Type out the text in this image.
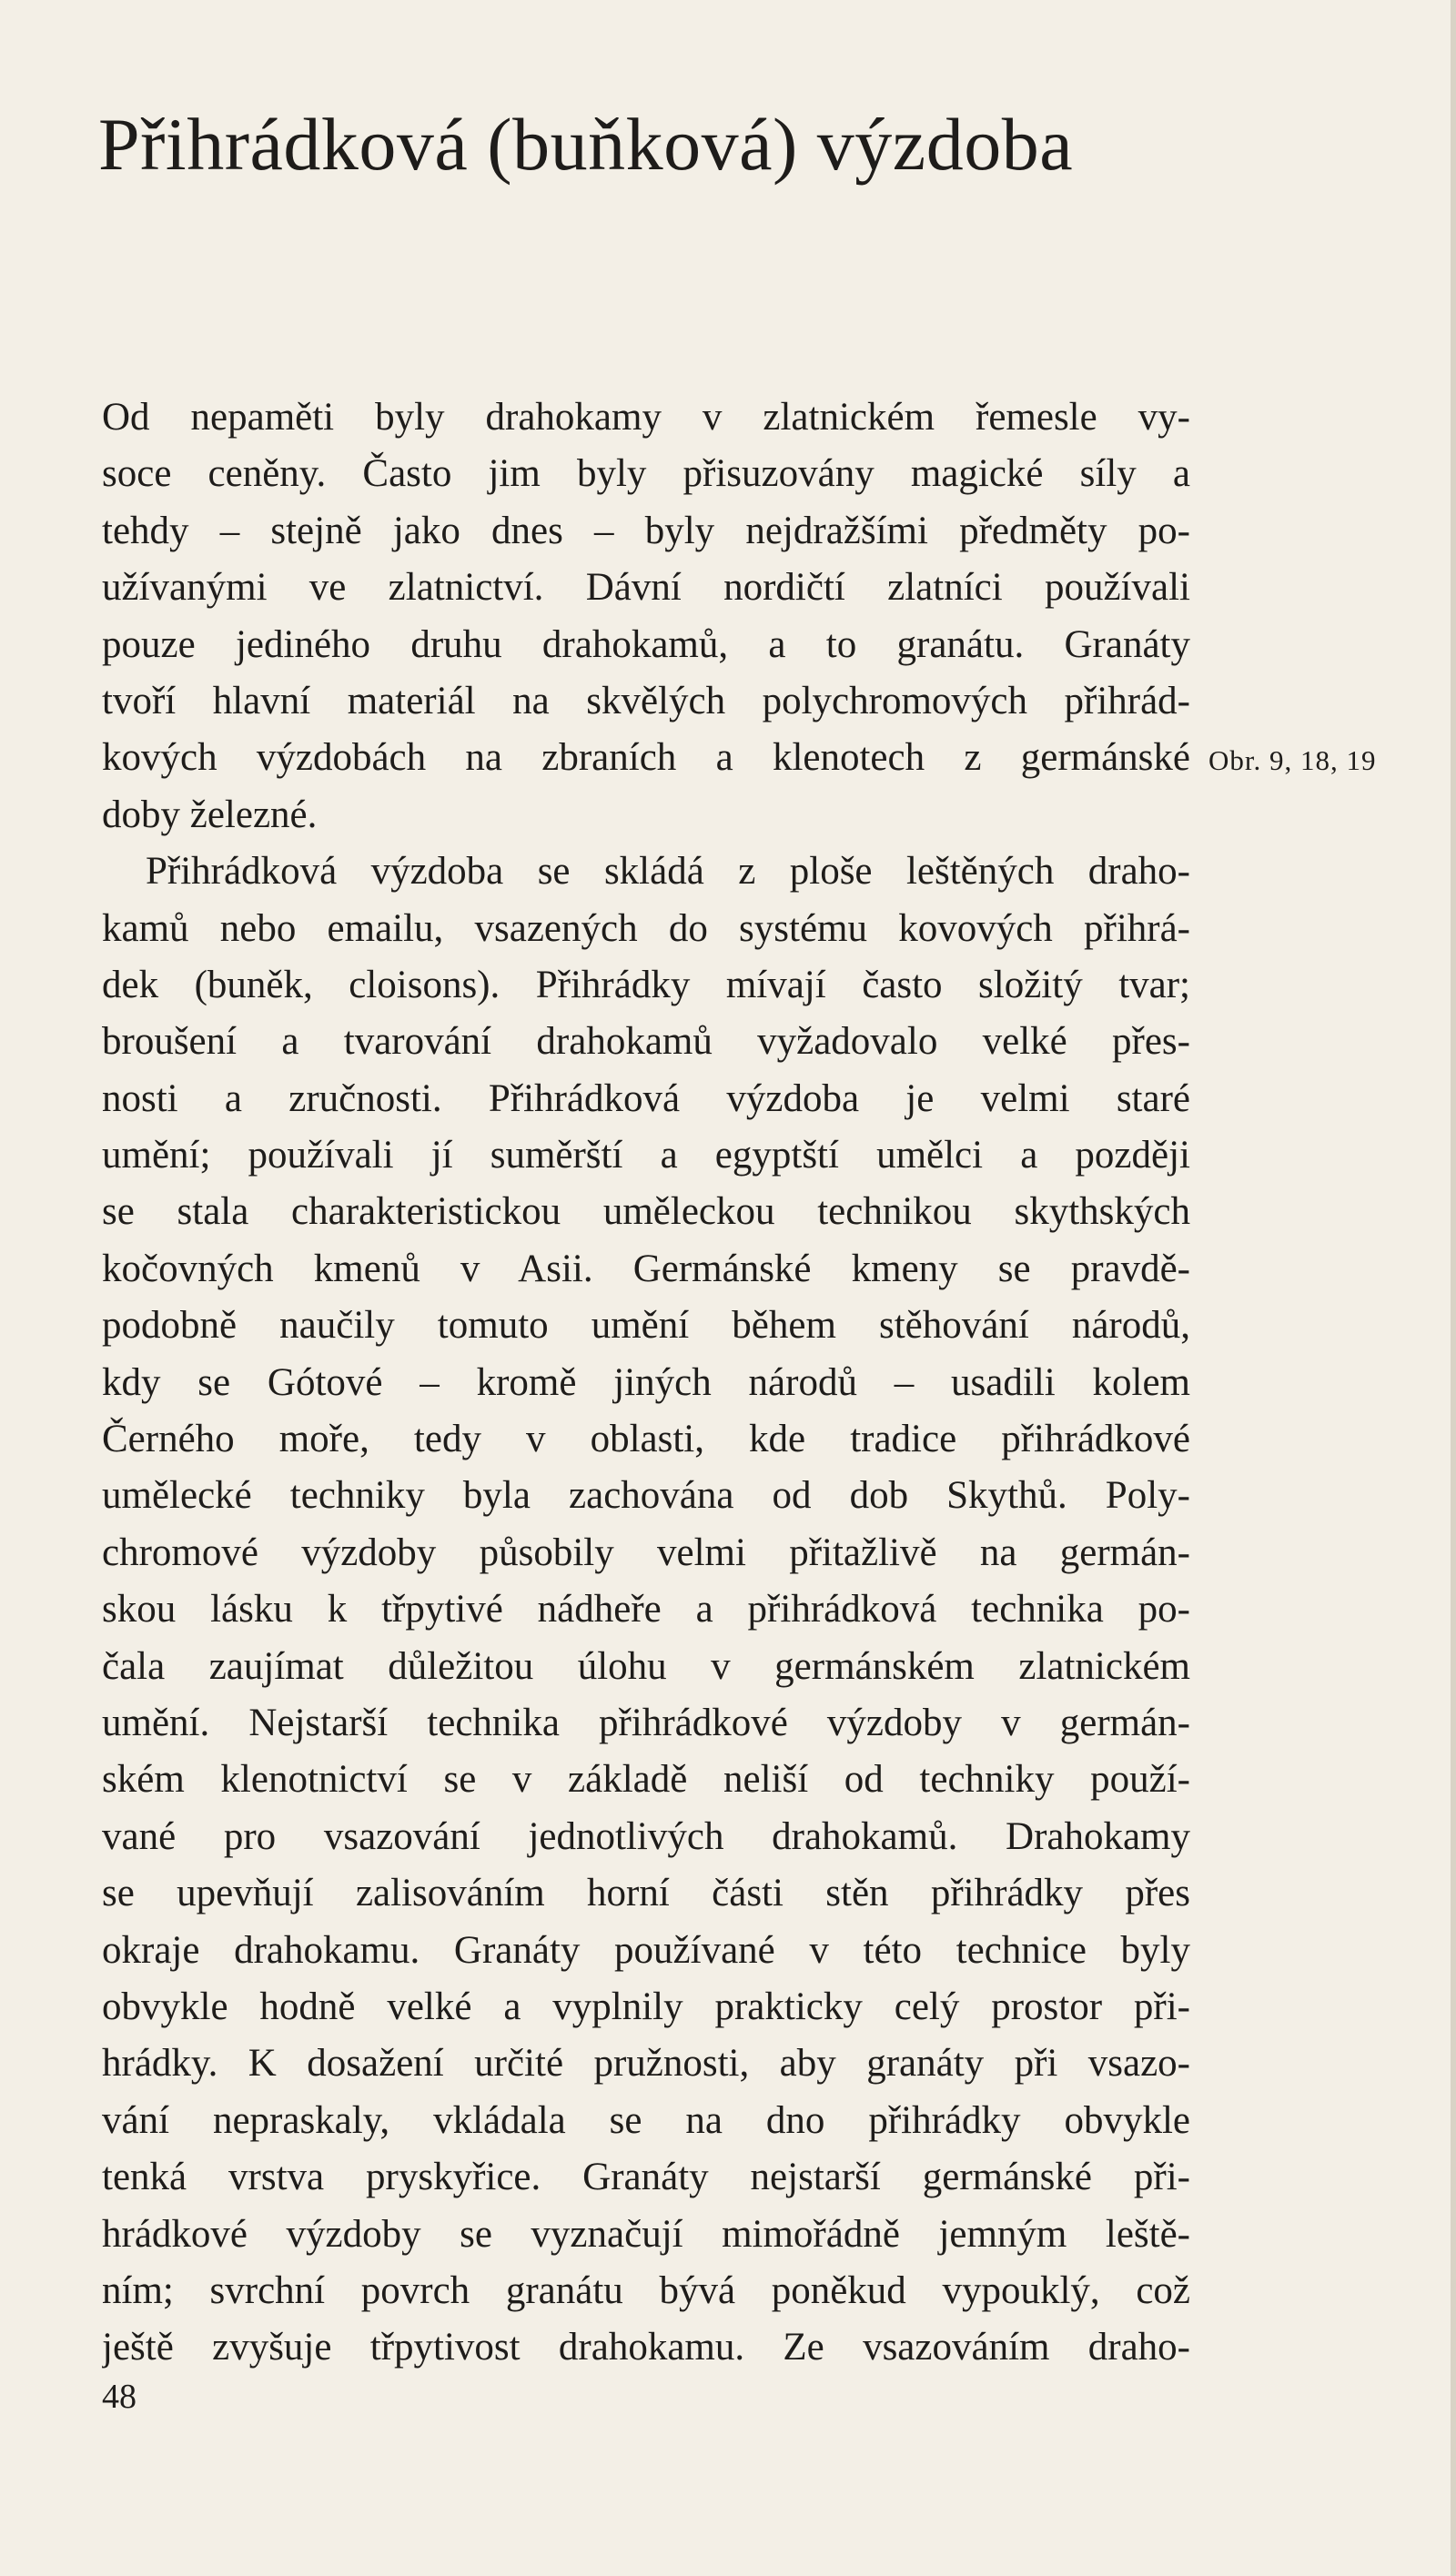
Přihrádková (buňková) výzdoba
Od nepaměti byly drahokamy v zlatnickém řemesle vy-
soce ceněny. Často jim byly přisuzovány magické síly a
tehdy – stejně jako dnes – byly nejdražšími předměty po-
užívanými ve zlatnictví. Dávní nordičtí zlatníci používali
pouze jediného druhu drahokamů, a to granátu. Granáty
tvoří hlavní materiál na skvělých polychromových přihrád-
kových výzdobách na zbraních a klenotech z germánské
doby železné.
Přihrádková výzdoba se skládá z ploše leštěných draho-
kamů nebo emailu, vsazených do systému kovových přihrá-
dek (buněk, cloisons). Přihrádky mívají často složitý tvar;
broušení a tvarování drahokamů vyžadovalo velké přes-
nosti a zručnosti. Přihrádková výzdoba je velmi staré
umění; používali jí suměrští a egyptští umělci a později
se stala charakteristickou uměleckou technikou skythských
kočovných kmenů v Asii. Germánské kmeny se pravdě-
podobně naučily tomuto umění během stěhování národů,
kdy se Gótové – kromě jiných národů – usadili kolem
Černého moře, tedy v oblasti, kde tradice přihrádkové
umělecké techniky byla zachována od dob Skythů. Poly-
chromové výzdoby působily velmi přitažlivě na germán-
skou lásku k třpytivé nádheře a přihrádková technika po-
čala zaujímat důležitou úlohu v germánském zlatnickém
umění. Nejstarší technika přihrádkové výzdoby v germán-
ském klenotnictví se v základě neliší od techniky použí-
vané pro vsazování jednotlivých drahokamů. Drahokamy
se upevňují zalisováním horní části stěn přihrádky přes
okraje drahokamu. Granáty používané v této technice byly
obvykle hodně velké a vyplnily prakticky celý prostor při-
hrádky. K dosažení určité pružnosti, aby granáty při vsazo-
vání nepraskaly, vkládala se na dno přihrádky obvykle
tenká vrstva pryskyřice. Granáty nejstarší germánské při-
hrádkové výzdoby se vyznačují mimořádně jemným leště-
ním; svrchní povrch granátu bývá poněkud vypouklý, což
ještě zvyšuje třpytivost drahokamu. Ze vsazováním draho-
Obr. 9, 18, 19
48
